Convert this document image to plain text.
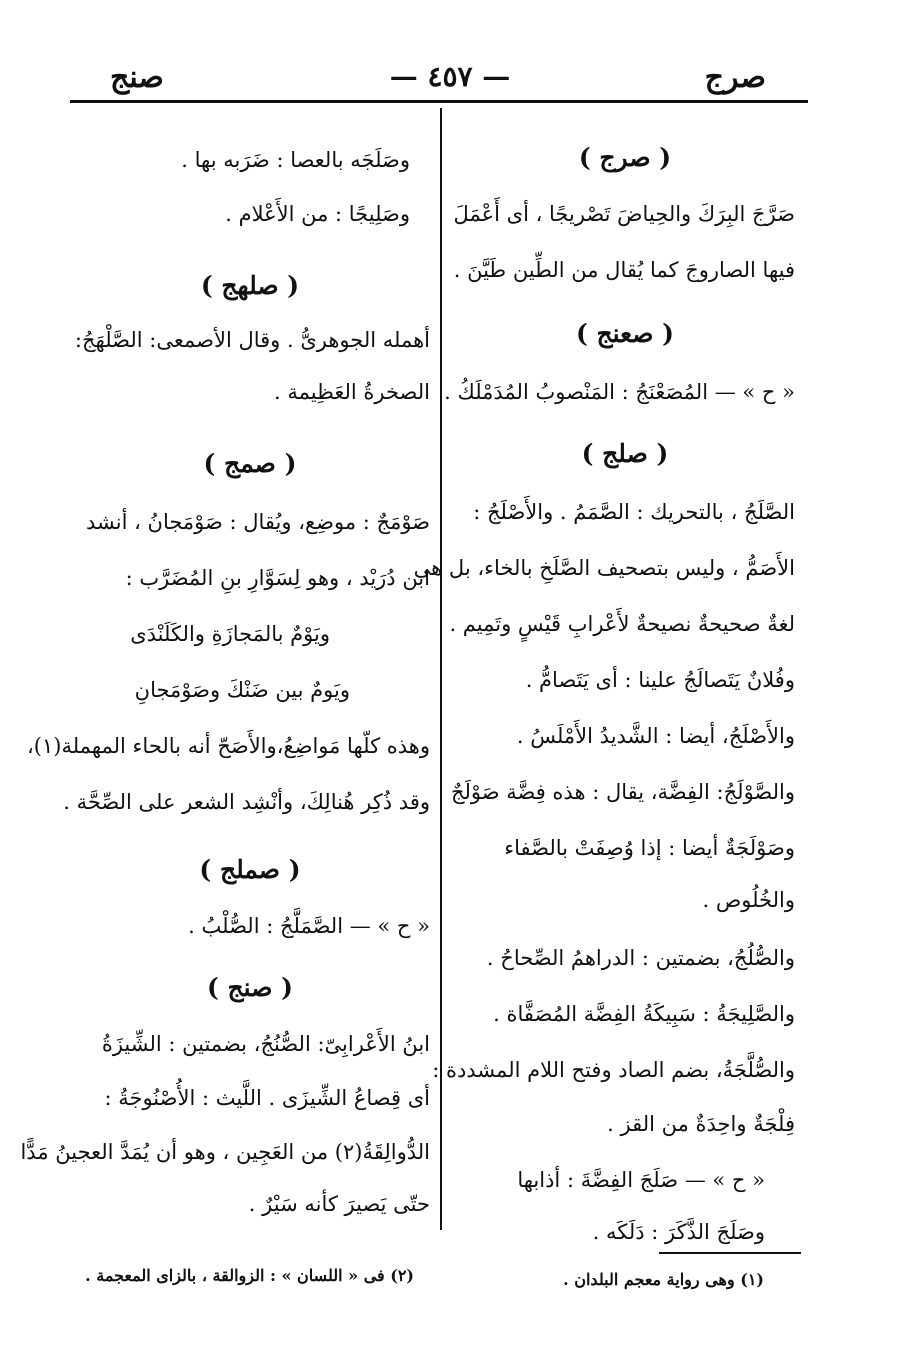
صرج
— ٤٥٧ —
صنج
( صرج )
صَرَّجَ البِرَكَ والحِياضَ تَصْريجًا ، أى أَعْمَلَ
فيها الصاروجَ كما يُقال من الطِّين طَيَّنَ .
( صعنج )
« ح » — المُصَعْنَجُ : المَنْصوبُ المُدَمْلَكُ .
( صلج )
الصَّلَجُ ، بالتحريك : الصَّمَمُ . والأَصْلَجُ :
الأَصَمُّ ، وليس بتصحيف الصَّلَخِ بالخاء، بل هى
لغةٌ صحيحةٌ نصيحةٌ لأَعْرابِ قَيْسٍ وتَمِيم .
وفُلانٌ يَتَصالَجُ علينا : أى يَتَصامُّ .
والأَصْلَجُ، أيضا : الشَّديدُ الأَمْلَسُ .
والصَّوْلَجُ: الفِضَّة، يقال : هذه فِضَّة صَوْلَجٌ
وصَوْلَجَةٌ أيضا : إذا وُصِفَتْ بالصَّفاء
والخُلُوص .
والصُّلُجُ، بضمتين : الدراهمُ الصِّحاحُ .
والصَّلِيجَةُ : سَبِيكَةُ الفِضَّة المُصَفَّاة .
والصُّلَّجَةُ، بضم الصاد وفتح اللام المشددة :
فِلْجَةٌ واحِدَةٌ من القز .
« ح » — صَلَجَ الفِضَّةَ : أذابها
وصَلَجَ الذَّكَرَ : دَلَكَه .
وصَلَجَه بالعصا : ضَرَبه بها .
وصَلِيجًا : من الأَعْلام .
( صلهج )
أهمله الجوهرىُّ . وقال الأصمعى: الصَّلْهَجُ:
الصخرةُ العَظِيمة .
( صمج )
صَوْمَجٌ : موضِع، ويُقال : صَوْمَجانُ ، أنشد
ابن دُرَيْد ، وهو لِسَوَّارِ بنِ المُضَرَّب :
ويَوْمٌ بالمَجازَةِ والكَلَنْدَى
ويَومٌ بين ضَنْكَ وصَوْمَجانِ
وهذه كلّها مَواضِعُ،والأَصَحّ أنه بالحاء المهملة(١)،
وقد ذُكِر هُنالِكَ، وأنْشِد الشعر على الصِّحَّة .
( صملج )
« ح » — الصَّمَلَّجُ : الصُّلْبُ .
( صنج )
ابنُ الأَعْرابِىّ: الصُّنُجُ، بضمتين : الشِّيزَةُ
أى قِصاعُ الشِّيزَى . اللَّيث : الأُصْنُوجَةُ :
الدُّوالِقَةُ(٢) من العَجِين ، وهو أن يُمَدَّ العجينُ مَدًّا
حتّى يَصيرَ كأنه سَيْرٌ .
(١) وهى رواية معجم البلدان .
(٢) فى « اللسان » : الزوالقة ، بالزاى المعجمة .
